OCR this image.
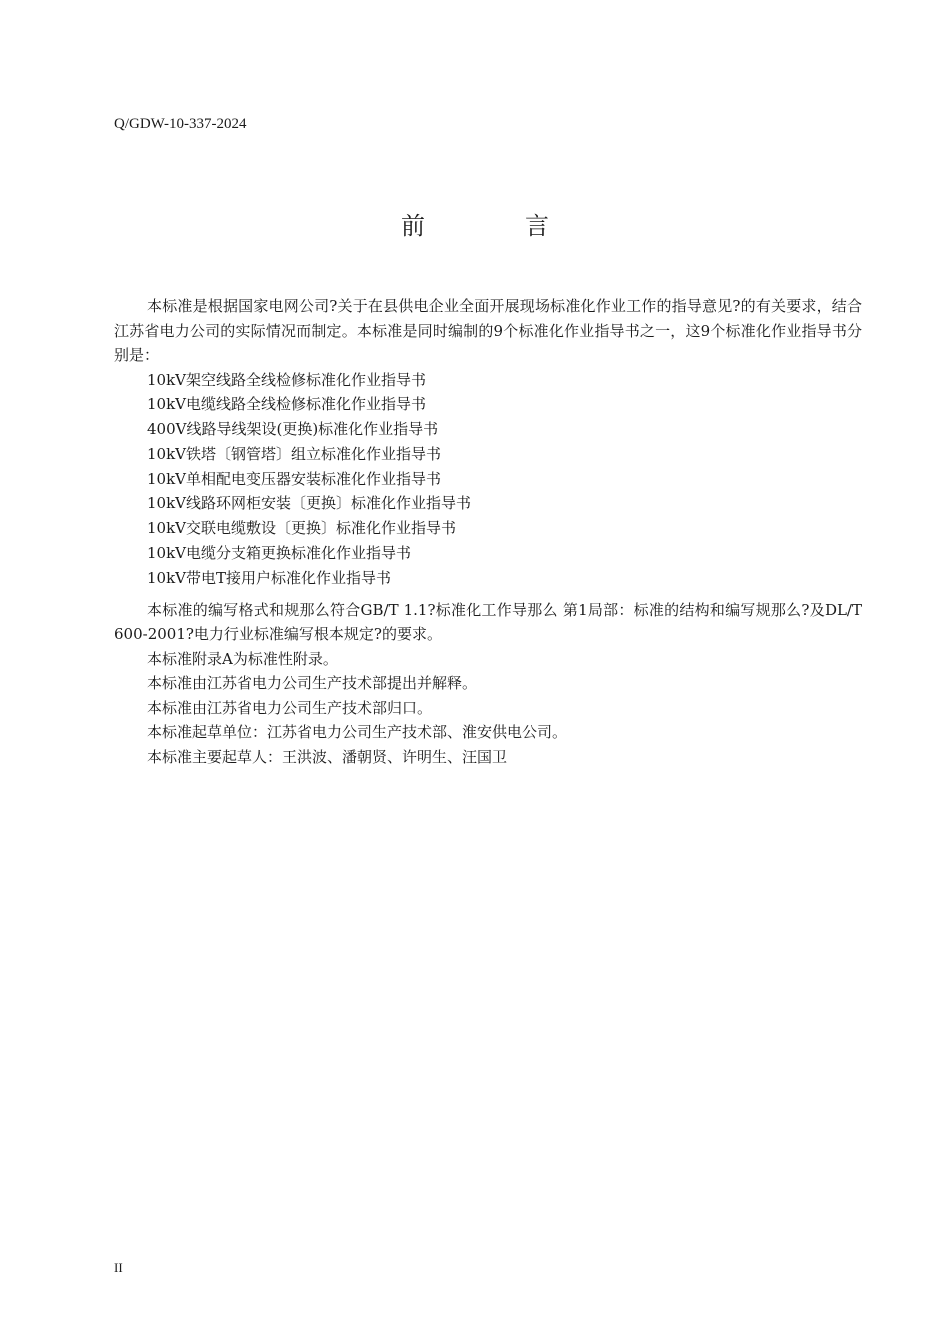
Q/GDW-10-337-2024
前　言

本标准是根据国家电网公司?关于在县供电企业全面开展现场标准化作业工作的指导意见?的有关要求，结合江苏省电力公司的实际情况而制定。本标准是同时编制的9个标准化作业指导书之一，这9个标准化作业指导书分别是：

10kV架空线路全线检修标准化作业指导书
10kV电缆线路全线检修标准化作业指导书
400V线路导线架设(更换)标准化作业指导书
10kV铁塔〔钢管塔〕组立标准化作业指导书
10kV单相配电变压器安装标准化作业指导书
10kV线路环网柜安装〔更换〕标准化作业指导书
10kV交联电缆敷设〔更换〕标准化作业指导书
10kV电缆分支箱更换标准化作业指导书
10kV带电T接用户标准化作业指导书

本标准的编写格式和规那么符合GB/T 1.1?标准化工作导那么 第1局部：标准的结构和编写规那么?及DL/T 600-2001?电力行业标准编写根本规定?的要求。

本标准附录A为标准性附录。

本标准由江苏省电力公司生产技术部提出并解释。

本标准由江苏省电力公司生产技术部归口。

本标准起草单位：江苏省电力公司生产技术部、淮安供电公司。

本标准主要起草人：王洪波、潘朝贤、许明生、汪国卫

II
